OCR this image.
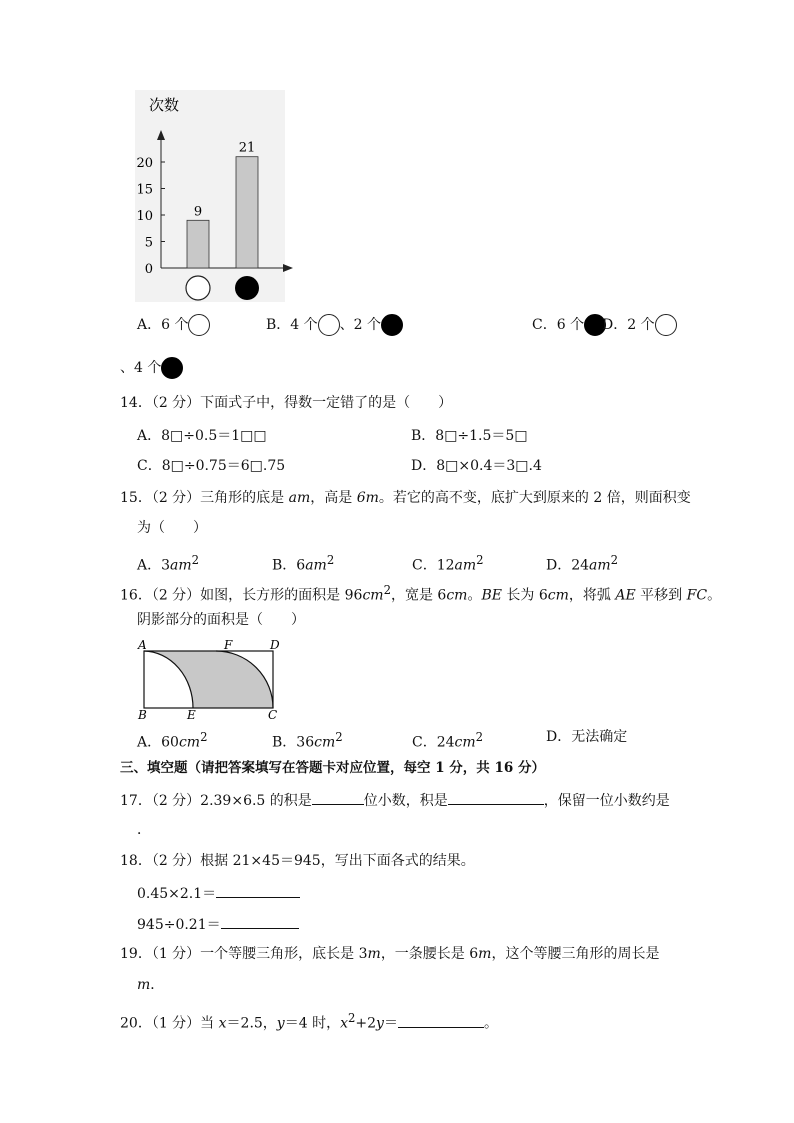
次数
0
5
10
15
20
9
21
A．6 个	B．4 个 、2 个	C．6 个	D．2 个
、4 个
14．（2 分）下面式子中，得数一定错了的是（　　）
A．8□÷0.5＝1□□	B．8□÷1.5＝5□
C．8□÷0.75＝6□.75	D．8□×0.4＝3□.4
15．（2 分）三角形的底是 am，高是 6m。若它的高不变，底扩大到原来的 2 倍，则面积变
为（　　）
A．$3am^2$	B．$6am^2$	C．$12am^2$	D．$24am^2$
16．（2 分）如图，长方形的面积是 $96cm^2$，宽是 6cm。BE 长为 6cm，将弧 AE 平移到 FC。
阴影部分的面积是（　　）
A	F	D
B	E	C
A．$60cm^2$	B．$36cm^2$	C．$24cm^2$	D．无法确定
三、填空题（请把答案填写在答题卡对应位置，每空 1 分，共 16 分）
17．（2 分）2.39×6.5 的积是	位小数，积是	，保留一位小数约是
．
18．（2 分）根据 21×45＝945，写出下面各式的结果。
0.45×2.1＝
945÷0.21＝
19．（1 分）一个等腰三角形，底长是 3m，一条腰长是 6m，这个等腰三角形的周长是
m．
20．（1 分）当 x＝2.5，y＝4 时，$x^2+2y=$	。
